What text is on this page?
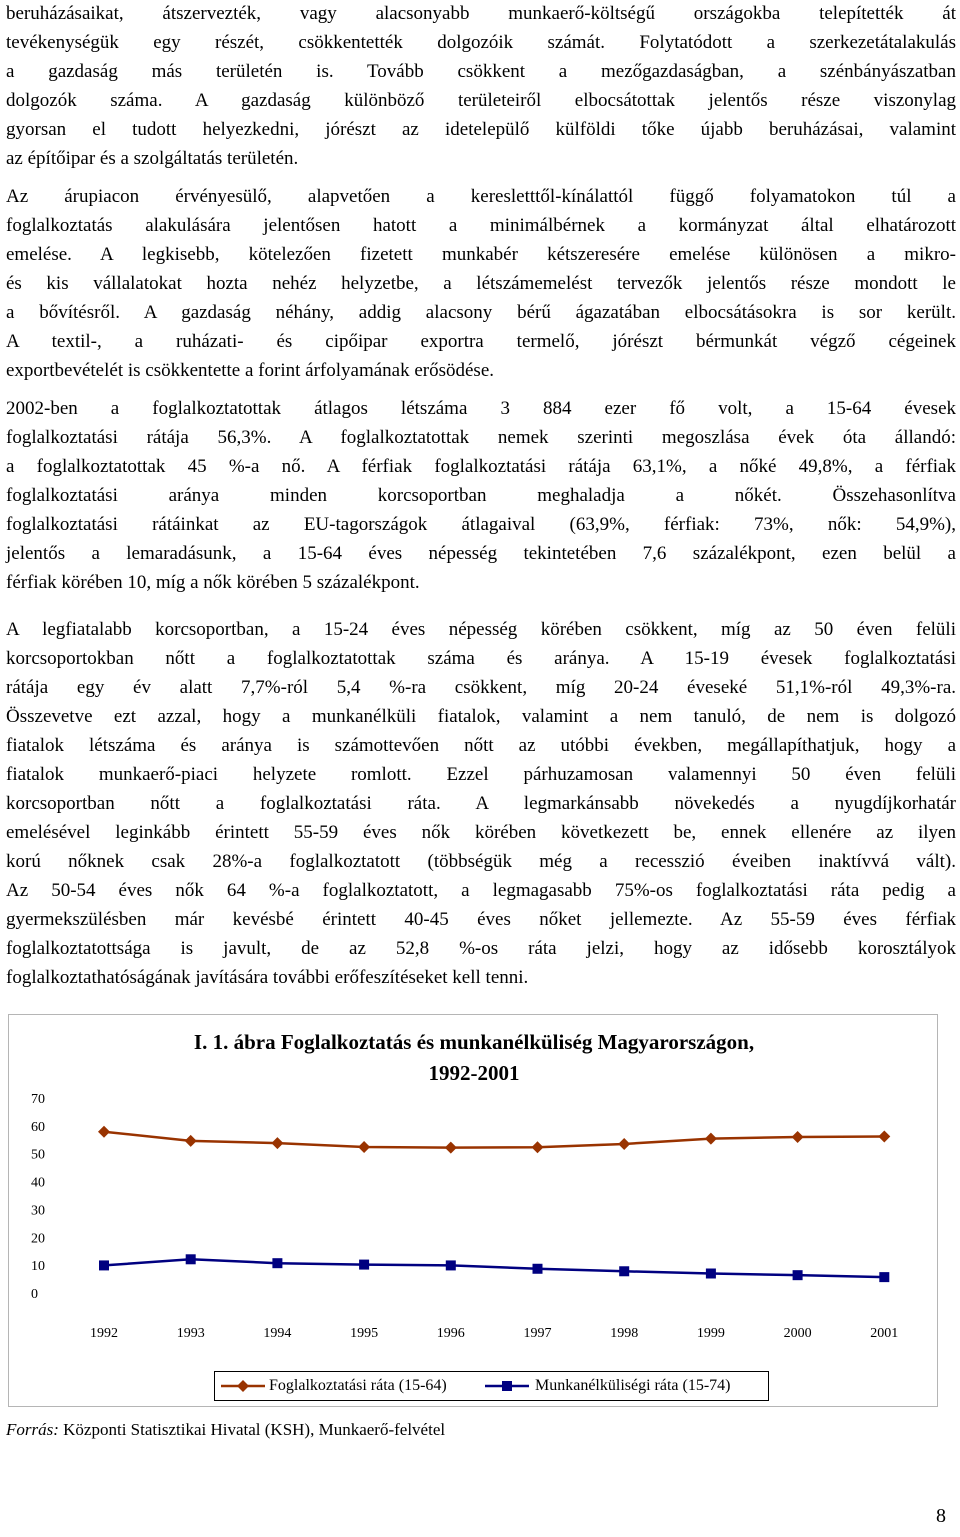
beruházásaikat, átszervezték, vagy alacsonyabb munkaerő-költségű országokba telepítették át
tevékenységük egy részét, csökkentették dolgozóik számát. Folytatódott a szerkezetátalakulás
a gazdaság más területén is. Tovább csökkent a mezőgazdaságban, a szénbányászatban
dolgozók száma. A gazdaság különböző területeiről elbocsátottak jelentős része viszonylag
gyorsan el tudott helyezkedni, jórészt az idetelepülő külföldi tőke újabb beruházásai, valamint
az építőipar és a szolgáltatás területén.
Az árupiacon érvényesülő, alapvetően a keresletttől-kínálattól függő folyamatokon túl a
foglalkoztatás alakulására jelentősen hatott a minimálbérnek a kormányzat által elhatározott
emelése. A legkisebb, kötelezően fizetett munkabér kétszeresére emelése különösen a mikro-
és kis vállalatokat hozta nehéz helyzetbe, a létszámemelést tervezők jelentős része mondott le
a bővítésről. A gazdaság néhány, addig alacsony bérű ágazatában elbocsátásokra is sor került.
A textil-, a ruházati- és cipőipar exportra termelő, jórészt bérmunkát végző cégeinek
exportbevételét is csökkentette a forint árfolyamának erősödése.
2002-ben a foglalkoztatottak átlagos létszáma 3 884 ezer fő volt, a 15-64 évesek
foglalkoztatási rátája 56,3%. A foglalkoztatottak nemek szerinti megoszlása évek óta állandó:
a foglalkoztatottak 45 %-a nő. A férfiak foglalkoztatási rátája 63,1%, a nőké 49,8%, a férfiak
foglalkoztatási aránya minden korcsoportban meghaladja a nőkét. Összehasonlítva
foglalkoztatási rátáinkat az EU-tagországok átlagaival (63,9%, férfiak: 73%, nők: 54,9%),
jelentős a lemaradásunk, a 15-64 éves népesség tekintetében 7,6 százalékpont, ezen belül a
férfiak körében 10, míg a nők körében 5 százalékpont.
A legfiatalabb korcsoportban, a 15-24 éves népesség körében csökkent, míg az 50 éven felüli
korcsoportokban nőtt a foglalkoztatottak száma és aránya. A 15-19 évesek foglalkoztatási
rátája egy év alatt 7,7%-ról 5,4 %-ra csökkent, míg 20-24 éveseké 51,1%-ról 49,3%-ra.
Összevetve ezt azzal, hogy a munkanélküli fiatalok, valamint a nem tanuló, de nem is dolgozó
fiatalok létszáma és aránya is számottevően nőtt az utóbbi években, megállapíthatjuk, hogy a
fiatalok munkaerő-piaci helyzete romlott. Ezzel párhuzamosan valamennyi 50 éven felüli
korcsoportban nőtt a foglalkoztatási ráta. A legmarkánsabb növekedés a nyugdíjkorhatár
emelésével leginkább érintett 55-59 éves nők körében következett be, ennek ellenére az ilyen
korú nőknek csak 28%-a foglalkoztatott (többségük még a recesszió éveiben inaktívvá vált).
Az 50-54 éves nők 64 %-a foglalkoztatott, a legmagasabb 75%-os foglalkoztatási ráta pedig a
gyermekszülésben már kevésbé érintett 40-45 éves nőket jellemezte. Az 55-59 éves férfiak
foglalkoztatottsága is javult, de az 52,8 %-os ráta jelzi, hogy az idősebb korosztályok
foglalkoztathatóságának javítására további erőfeszítéseket kell tenni.
I. 1. ábra Foglalkoztatás és munkanélküliség Magyarországon,
1992-2001
0
10
20
30
40
50
60
70
1992	1993	1994	1995	1996	1997	1998	1999	2000	2001
Foglalkoztatási ráta (15-64)	Munkanélküliségi ráta (15-74)
Forrás: Központi Statisztikai Hivatal (KSH), Munkaerő-felvétel
8
